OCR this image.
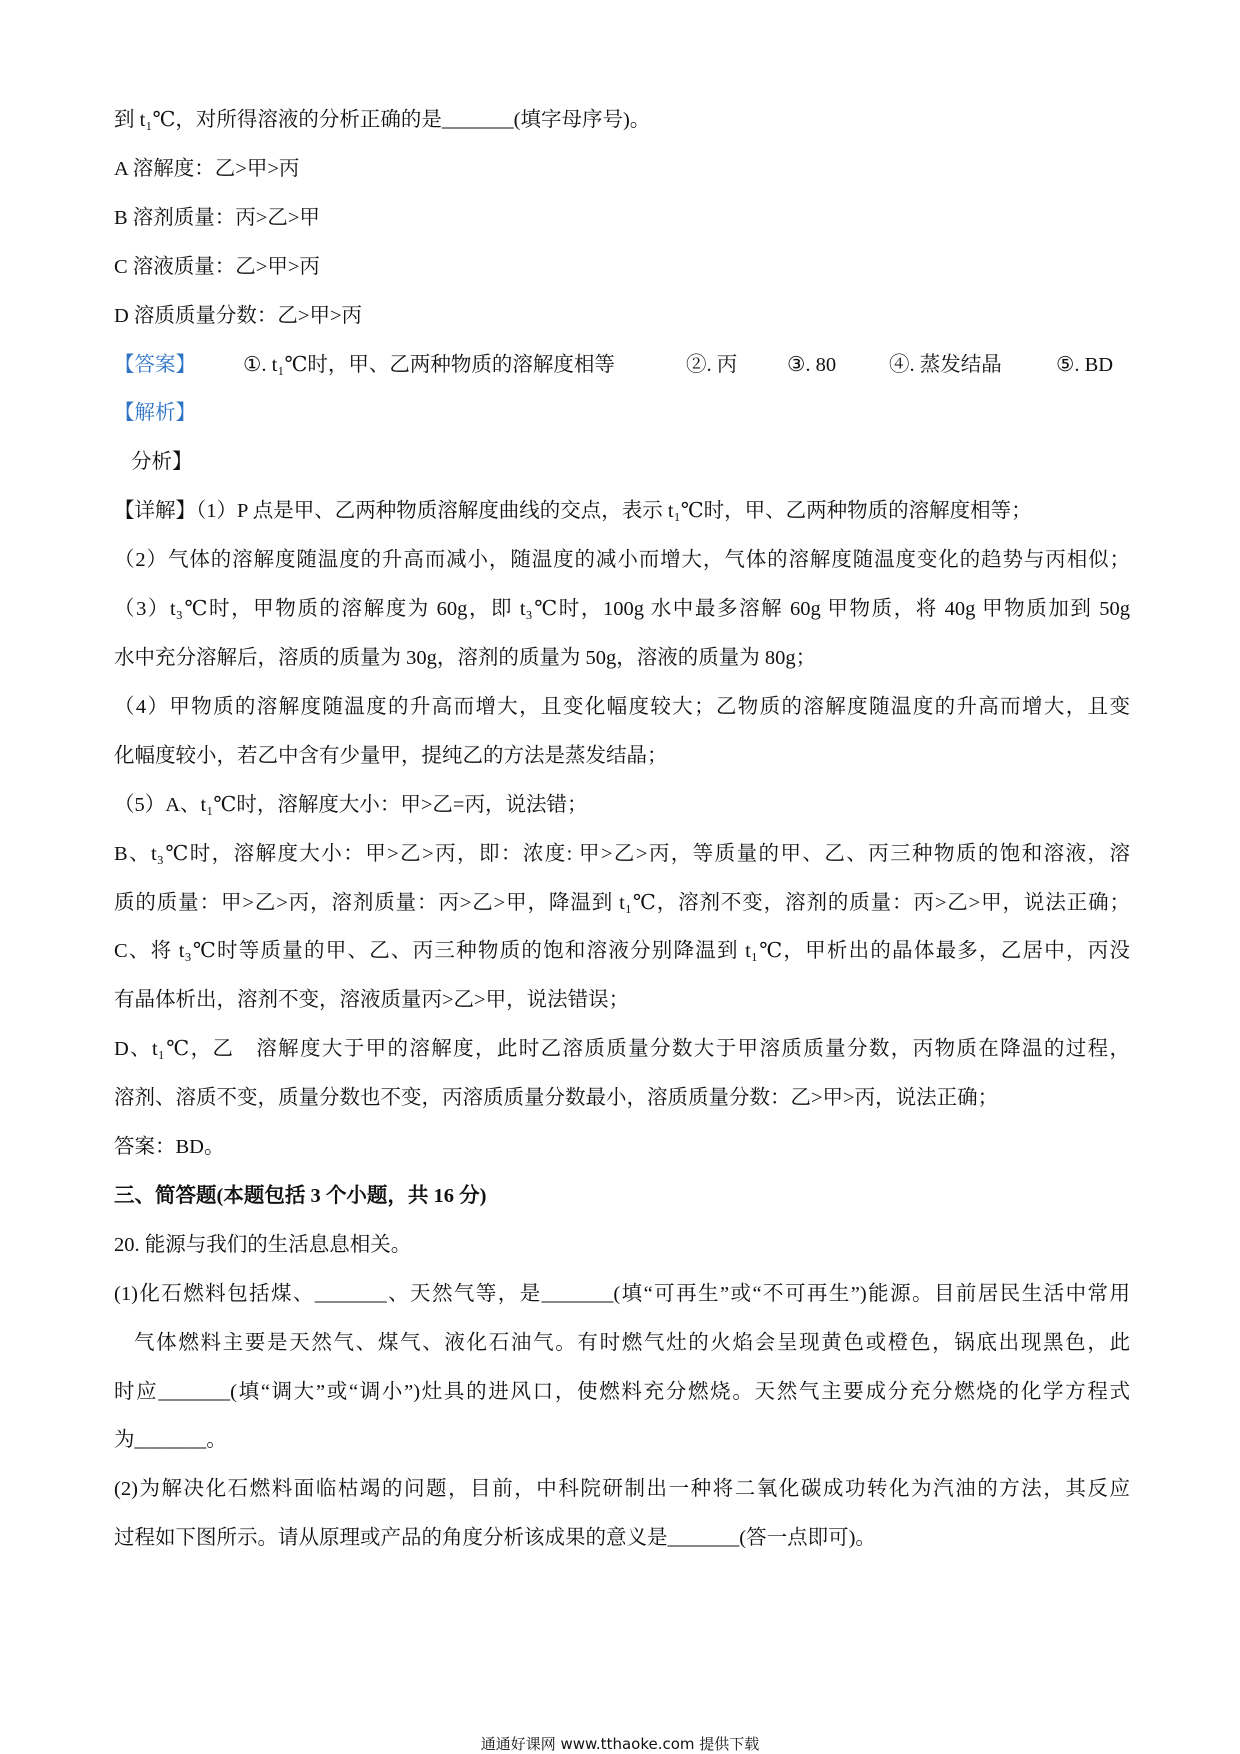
到 t₁℃，对所得溶液的分析正确的是_______(填字母序号)。
A 溶解度：乙>甲>丙
B 溶剂质量：丙>乙>甲
C 溶液质量：乙>甲>丙
D 溶质质量分数：乙>甲>丙
【答案】 ①. t₁℃时，甲、乙两种物质的溶解度相等	②. 丙 ③. 80	④. 蒸发结晶	⑤. BD
【解析】
分析】
【详解】（1）P 点是甲、乙两种物质溶解度曲线的交点，表示 t₁℃时，甲、乙两种物质的溶解度相等；
（2）气体的溶解度随温度的升高而减小，随温度的减小而增大，气体的溶解度随温度变化的趋势与丙相似；
（3）t₃℃时，甲物质的溶解度为 60g，即 t₃℃时，100g 水中最多溶解 60g 甲物质，将 40g 甲物质加到 50g
水中充分溶解后，溶质的质量为 30g，溶剂的质量为 50g，溶液的质量为 80g；
（4）甲物质的溶解度随温度的升高而增大，且变化幅度较大；乙物质的溶解度随温度的升高而增大，且变
化幅度较小，若乙中含有少量甲，提纯乙的方法是蒸发结晶；
（5）A、t₁℃时，溶解度大小：甲>乙=丙，说法错；
B、t₃℃时，溶解度大小：甲>乙>丙，即：浓度: 甲>乙>丙，等质量的甲、乙、丙三种物质的饱和溶液，溶
质的质量：甲>乙>丙，溶剂质量：丙>乙>甲，降温到 t₁℃，溶剂不变，溶剂的质量：丙>乙>甲，说法正确；
C、将 t₃℃时等质量的甲、乙、丙三种物质的饱和溶液分别降温到 t₁℃，甲析出的晶体最多，乙居中，丙没
有晶体析出，溶剂不变，溶液质量丙>乙>甲，说法错误；
D、t₁℃，乙　溶解度大于甲的溶解度，此时乙溶质质量分数大于甲溶质质量分数，丙物质在降温的过程，
溶剂、溶质不变，质量分数也不变，丙溶质质量分数最小，溶质质量分数：乙>甲>丙，说法正确；
答案：BD。
三、简答题(本题包括 3 个小题，共 16 分)
20. 能源与我们的生活息息相关。
(1)化石燃料包括煤、_______、天然气等，是_______(填“可再生”或“不可再生”)能源。目前居民生活中常用
气体燃料主要是天然气、煤气、液化石油气。有时燃气灶的火焰会呈现黄色或橙色，锅底出现黑色，此
时应_______(填“调大”或“调小”)灶具的进风口，使燃料充分燃烧。天然气主要成分充分燃烧的化学方程式
为_______。
(2)为解决化石燃料面临枯竭的问题，目前，中科院研制出一种将二氧化碳成功转化为汽油的方法，其反应
过程如下图所示。请从原理或产品的角度分析该成果的意义是_______(答一点即可)。
通通好课网 www.tthaoke.com 提供下载
